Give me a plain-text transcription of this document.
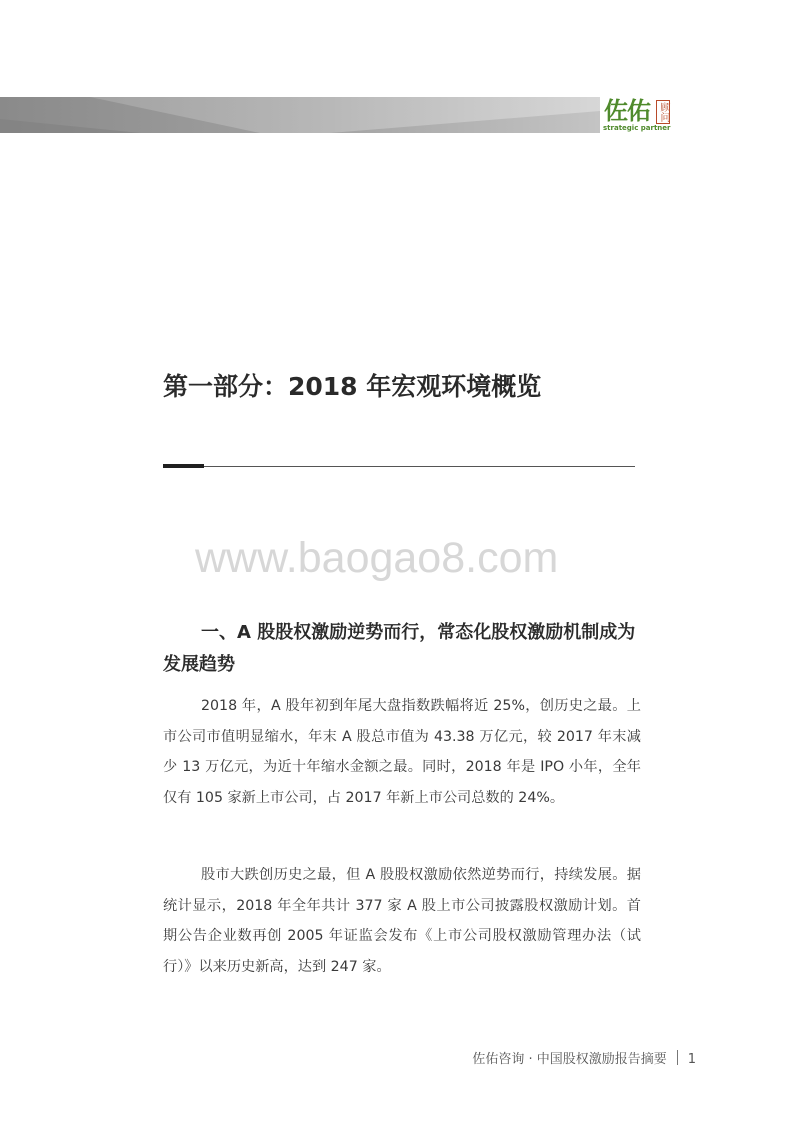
佐佑 顾问
strategic partner
第一部分：2018 年宏观环境概览
www.baogao8.com
一、A 股股权激励逆势而行，常态化股权激励机制成为发展趋势

2018 年，A 股年初到年尾大盘指数跌幅将近 25%，创历史之最。上市公司市值明显缩水，年末 A 股总市值为 43.38 万亿元，较 2017 年末减少 13 万亿元，为近十年缩水金额之最。同时，2018 年是 IPO 小年，全年仅有 105 家新上市公司，占 2017 年新上市公司总数的 24%。

股市大跌创历史之最，但 A 股股权激励依然逆势而行，持续发展。据统计显示，2018 年全年共计 377 家 A 股上市公司披露股权激励计划。首期公告企业数再创 2005 年证监会发布《上市公司股权激励管理办法（试行）》以来历史新高，达到 247 家。

佐佑咨询 · 中国股权激励报告摘要 1
